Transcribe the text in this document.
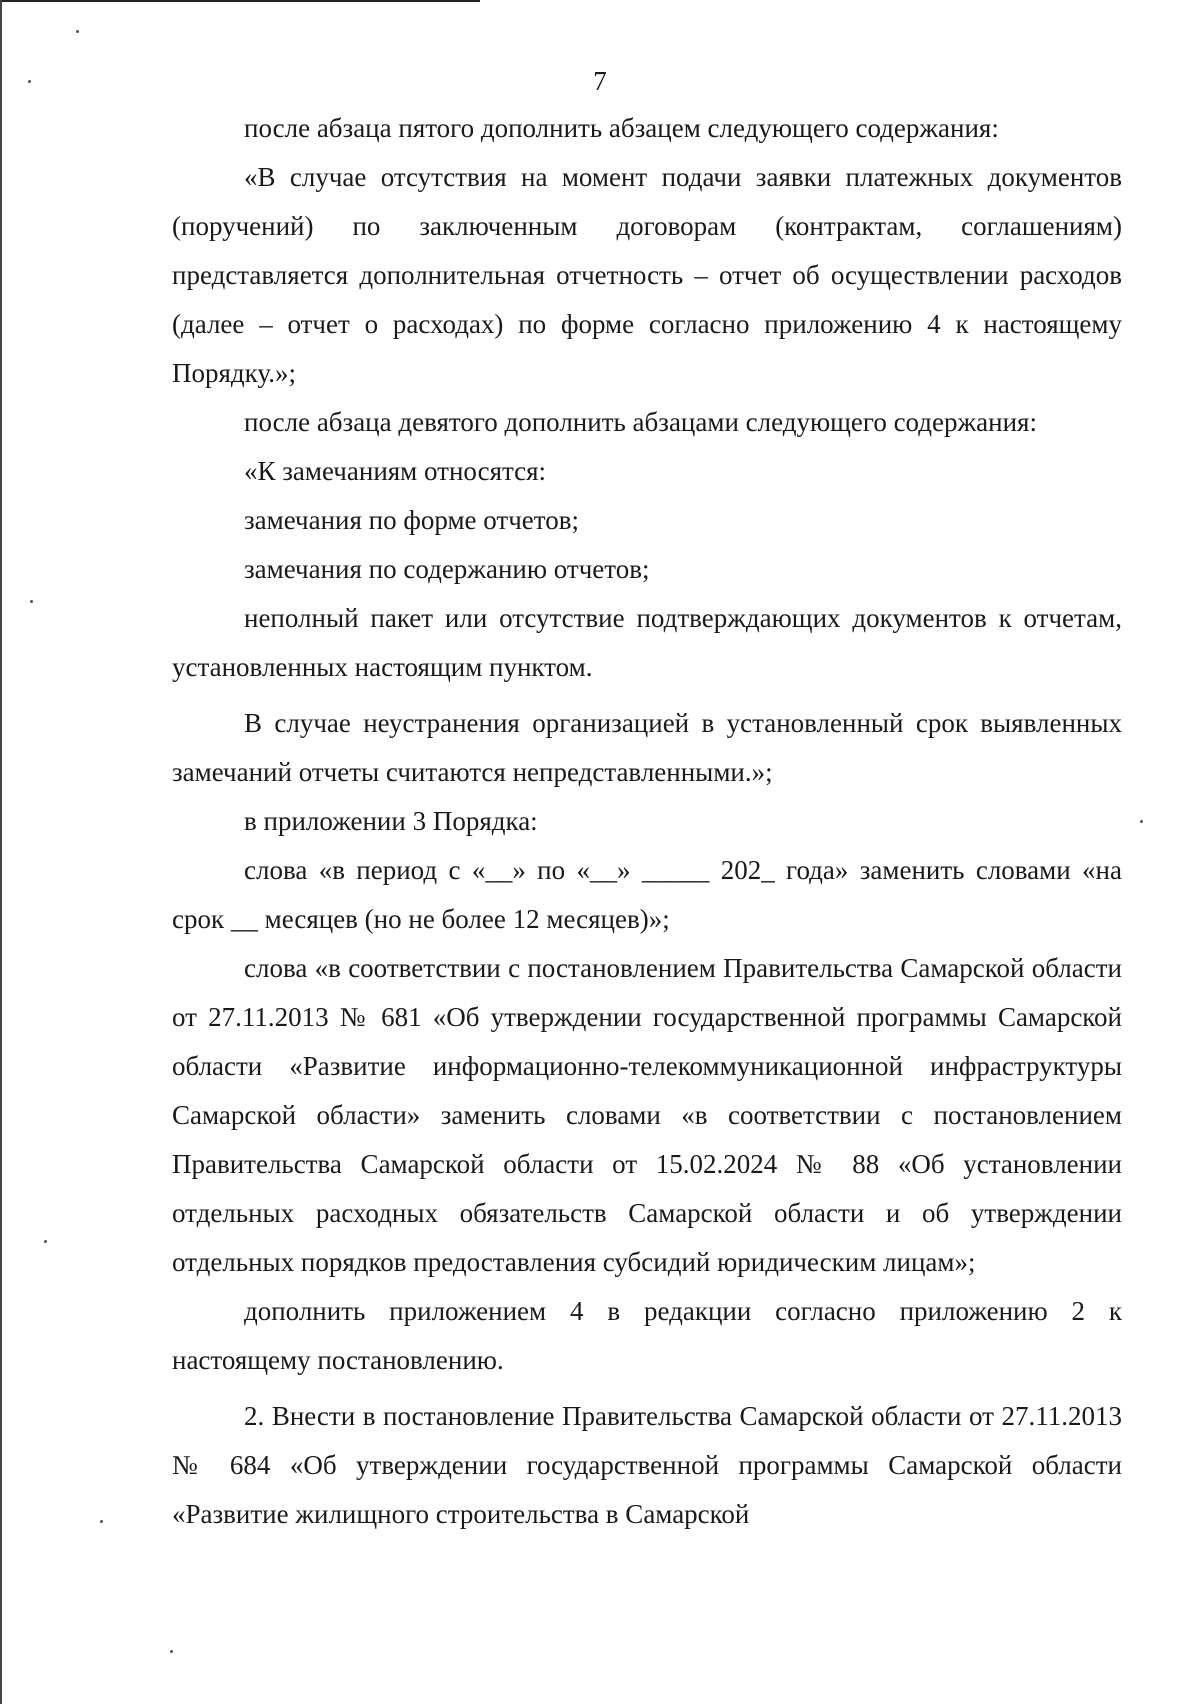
7

после абзаца пятого дополнить абзацем следующего содержания:

«В случае отсутствия на момент подачи заявки платежных документов (поручений) по заключенным договорам (контрактам, соглашениям) представляется дополнительная отчетность – отчет об осуществлении расходов (далее – отчет о расходах) по форме согласно приложению 4 к настоящему Порядку.»;

после абзаца девятого дополнить абзацами следующего содержания:

«К замечаниям относятся:

замечания по форме отчетов;

замечания по содержанию отчетов;

неполный пакет или отсутствие подтверждающих документов к отчетам, установленных настоящим пунктом.

В случае неустранения организацией в установленный срок выявленных замечаний отчеты считаются непредставленными.»;

в приложении 3 Порядка:

слова «в период с «__» по «__» _____ 202_ года» заменить словами «на срок __ месяцев (но не более 12 месяцев)»;

слова «в соответствии с постановлением Правительства Самарской области от 27.11.2013 № 681 «Об утверждении государственной программы Самарской области «Развитие информационно-телекоммуникационной инфраструктуры Самарской области» заменить словами «в соответствии с постановлением Правительства Самарской области от 15.02.2024 № 88 «Об установлении отдельных расходных обязательств Самарской области и об утверждении отдельных порядков предоставления субсидий юридическим лицам»;

дополнить приложением 4 в редакции согласно приложению 2 к настоящему постановлению.

2. Внести в постановление Правительства Самарской области от 27.11.2013 № 684 «Об утверждении государственной программы Самарской области «Развитие жилищного строительства в Самарской
